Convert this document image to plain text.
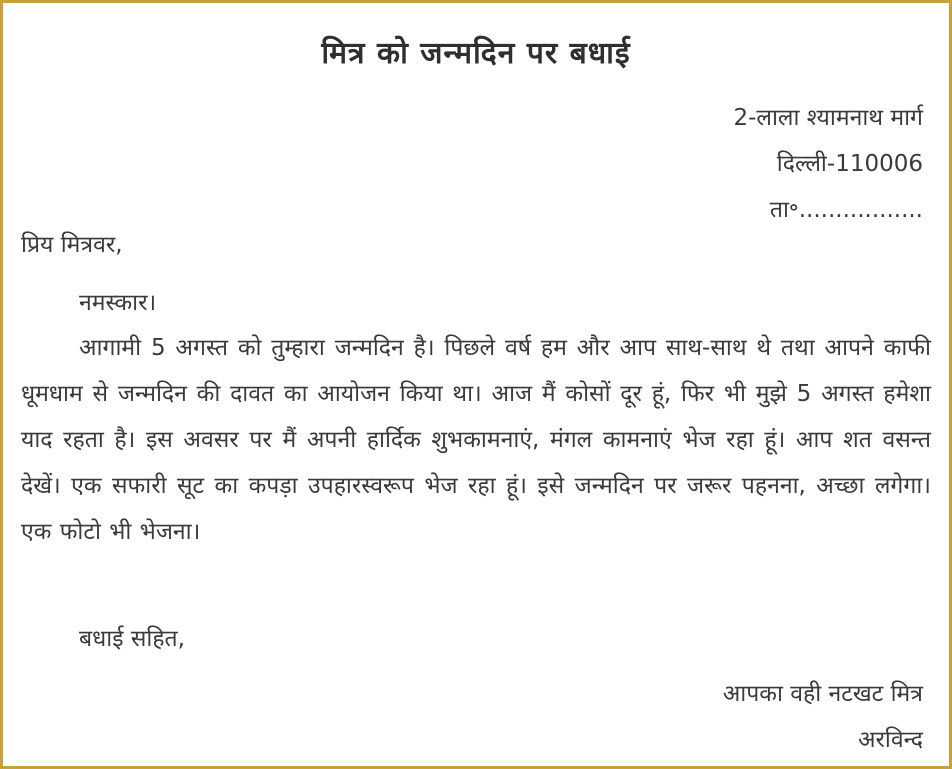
मित्र को जन्मदिन पर बधाई
2-लाला श्यामनाथ मार्ग
दिल्ली-110006
ता॰.................
प्रिय मित्रवर,
नमस्कार।
आगामी 5 अगस्त को तुम्हारा जन्मदिन है। पिछले वर्ष हम और आप साथ-साथ थे तथा आपने काफी धूमधाम से जन्मदिन की दावत का आयोजन किया था। आज मैं कोसों दूर हूं, फिर भी मुझे 5 अगस्त हमेशा याद रहता है। इस अवसर पर मैं अपनी हार्दिक शुभकामनाएं, मंगल कामनाएं भेज रहा हूं। आप शत वसन्त देखें। एक सफारी सूट का कपड़ा उपहारस्वरूप भेज रहा हूं। इसे जन्मदिन पर जरूर पहनना, अच्छा लगेगा। एक फोटो भी भेजना।
बधाई सहित,
आपका वही नटखट मित्र
अरविन्द
